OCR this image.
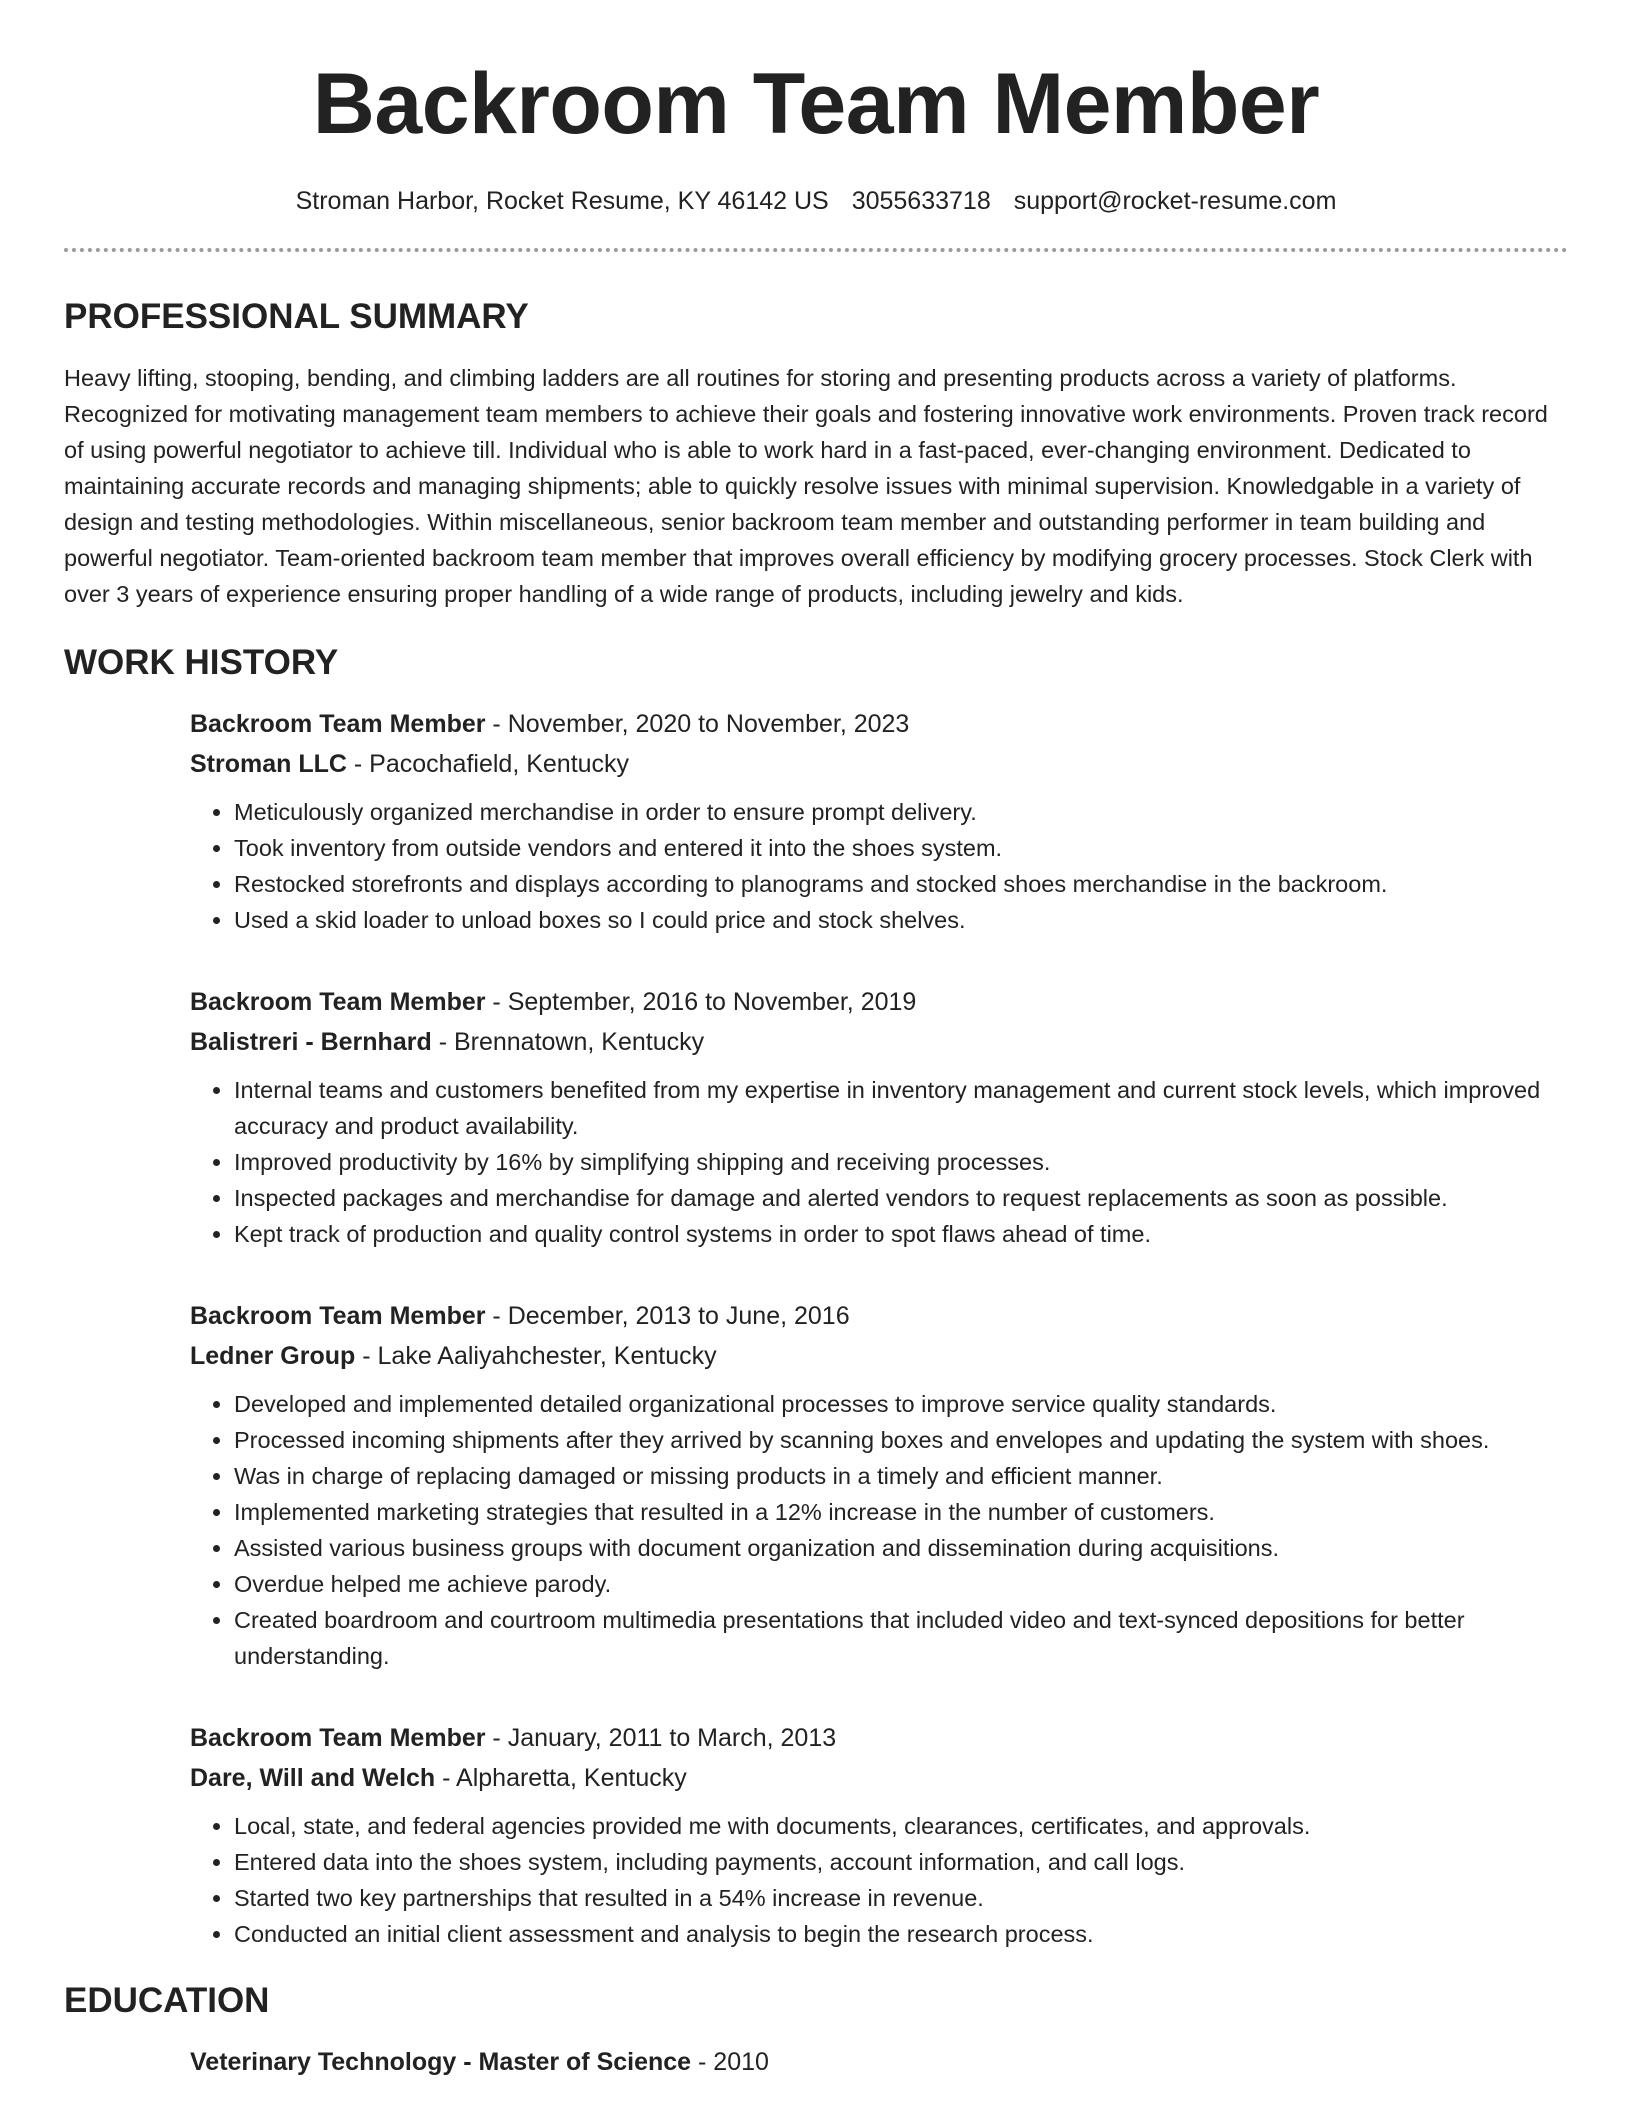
Backroom Team Member
Stroman Harbor, Rocket Resume, KY 46142 US 3055633718 support@rocket-resume.com
PROFESSIONAL SUMMARY

Heavy lifting, stooping, bending, and climbing ladders are all routines for storing and presenting products across a variety of platforms. Recognized for motivating management team members to achieve their goals and fostering innovative work environments. Proven track record of using powerful negotiator to achieve till. Individual who is able to work hard in a fast-paced, ever-changing environment. Dedicated to maintaining accurate records and managing shipments; able to quickly resolve issues with minimal supervision. Knowledgable in a variety of design and testing methodologies. Within miscellaneous, senior backroom team member and outstanding performer in team building and powerful negotiator. Team-oriented backroom team member that improves overall efficiency by modifying grocery processes. Stock Clerk with over 3 years of experience ensuring proper handling of a wide range of products, including jewelry and kids.

WORK HISTORY

Backroom Team Member - November, 2020 to November, 2023

Stroman LLC - Pacochafield, Kentucky

• Meticulously organized merchandise in order to ensure prompt delivery.
• Took inventory from outside vendors and entered it into the shoes system.
• Restocked storefronts and displays according to planograms and stocked shoes merchandise in the backroom.
• Used a skid loader to unload boxes so I could price and stock shelves.

Backroom Team Member - September, 2016 to November, 2019

Balistreri - Bernhard - Brennatown, Kentucky

• Internal teams and customers benefited from my expertise in inventory management and current stock levels, which improved accuracy and product availability.
• Improved productivity by 16% by simplifying shipping and receiving processes.
• Inspected packages and merchandise for damage and alerted vendors to request replacements as soon as possible.
• Kept track of production and quality control systems in order to spot flaws ahead of time.

Backroom Team Member - December, 2013 to June, 2016

Ledner Group - Lake Aaliyahchester, Kentucky

• Developed and implemented detailed organizational processes to improve service quality standards.
• Processed incoming shipments after they arrived by scanning boxes and envelopes and updating the system with shoes.
• Was in charge of replacing damaged or missing products in a timely and efficient manner.
• Implemented marketing strategies that resulted in a 12% increase in the number of customers.
• Assisted various business groups with document organization and dissemination during acquisitions.
• Overdue helped me achieve parody.
• Created boardroom and courtroom multimedia presentations that included video and text-synced depositions for better understanding.

Backroom Team Member - January, 2011 to March, 2013

Dare, Will and Welch - Alpharetta, Kentucky

• Local, state, and federal agencies provided me with documents, clearances, certificates, and approvals.
• Entered data into the shoes system, including payments, account information, and call logs.
• Started two key partnerships that resulted in a 54% increase in revenue.
• Conducted an initial client assessment and analysis to begin the research process.
EDUCATION

Veterinary Technology - Master of Science - 2010
